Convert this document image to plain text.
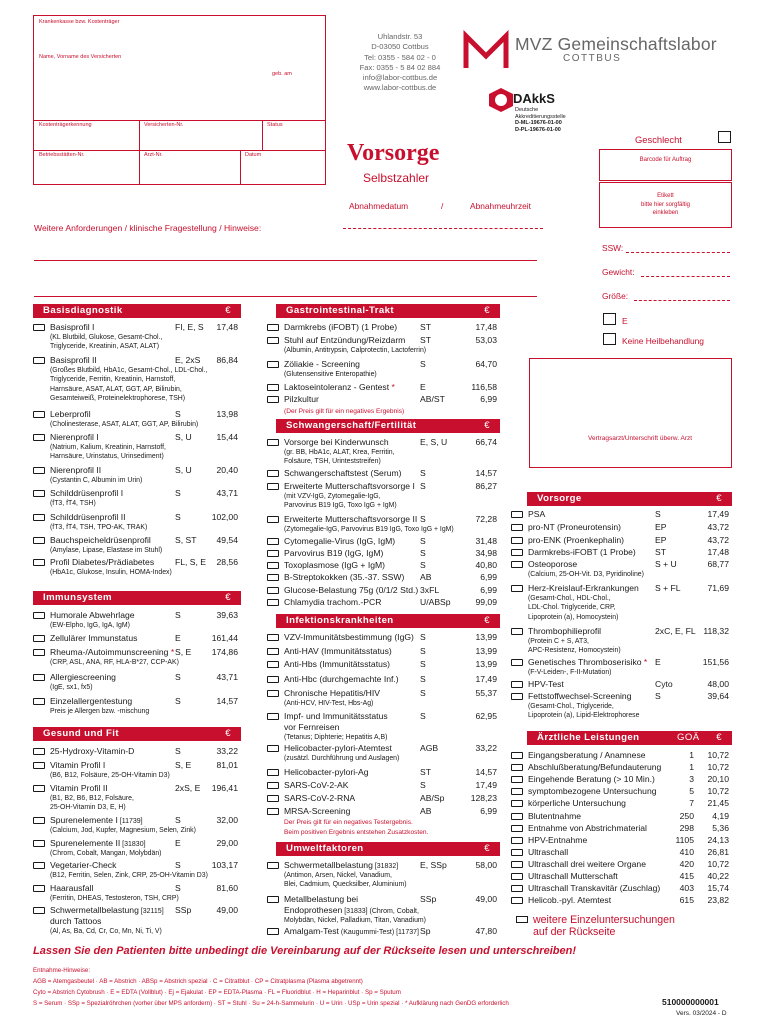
Krankenkasse bzw. Kostenträger
Name, Vorname des Versicherten
geb. am
Kostenträgerkennung	Versicherten-Nr.	Status
Betriebsstätten-Nr.	Arzt-Nr.	Datum
Uhlandstr. 53
D-03050 Cottbus
Tel: 0355 - 584 02 - 0
Fax: 0355 - 5 84 02 884
info@labor-cottbus.de
www.labor-cottbus.de
MVZ Gemeinschaftslabor
COTTBUS
DAkkS
Deutsche
Akkreditierungsstelle
D-ML-19676-01-00
D-PL-19676-01-00
Vorsorge
Selbstzahler
Abnahmedatum	/	Abnahmeuhrzeit
Weitere Anforderungen / klinische Fragestellung / Hinweise:
Geschlecht
Barcode für Auftrag
Etikett
bitte hier sorgfältig
einkleben
SSW:
Gewicht:
Größe:
E
Keine Heilbehandlung
Vertragsarzt/Unterschrift überw. Arzt
Basisdiagnostik	€
Immunsystem	€
Gesund und Fit	€
Gastrointestinal-Trakt	€
Schwangerschaft/Fertilität	€
Infektionskrankheiten	€
Umweltfaktoren	€
Vorsorge	€
Ärztliche Leistungen	GOÄ €
Basisprofil I	FI, E, S 17,48
(KL Blutbild, Glukose, Gesamt-Chol.,
Triglyceride, Kreatinin, ASAT, ALAT)
Basisprofil II	E, 2xS 86,84
(Großes Blutbild, HbA1c, Gesamt-Chol., LDL-Chol.,
Triglyceride, Ferritin, Kreatinin, Harnstoff,
Harnsäure, ASAT, ALAT, GGT, AP, Bilirubin,
Gesamteiweiß, Proteinelektrophorese, TSH)
Leberprofil	S	13,98
(Cholinesterase, ASAT, ALAT, GGT, AP, Bilirubin)
Nierenprofil I	S, U	15,44
(Natrium, Kalium, Kreatinin, Harnstoff,
Harnsäure, Urinstatus, Urinsediment)
Nierenprofil II	S, U	20,40
(Cystantin C, Albumin im Urin)
Schilddrüsenprofil I	S	43,71
(fT3, fT4, TSH)
Schilddrüsenprofil II	S	102,00
(fT3, fT4, TSH, TPO-AK, TRAK)
Bauchspeicheldrüsenprofil	S, ST 49,54
(Amylase, Lipase, Elastase im Stuhl)
Profil Diabetes/Prädiabetes FL, S, E 28,56
(HbA1c, Glukose, Insulin, HOMA-Index)
Humorale Abwehrlage	S	39,63
(EW-Elpho, IgG, IgA, IgM)
Zellulärer Immunstatus	E	161,44
Rheuma-/Autoimmunscreening * S, E 174,86
(CRP, ASL, ANA, RF, HLA-B*27, CCP-AK)
Allergiescreening	S	43,71
(IgE, sx1, fx5)
Einzelallergentestung	S	14,57
Preis je Allergen bzw. -mischung
25-Hydroxy-Vitamin-D	S	33,22
Vitamin Profil I	S, E	81,01
(B6, B12, Folsäure, 25-OH-Vitamin D3)
Vitamin Profil II	2xS, E 196,41
(B1, B2, B6, B12, Folsäure,
25-OH-Vitamin D3, E, H)
Spurenelemente I [11739]	S	32,00
(Calcium, Jod, Kupfer, Magnesium, Selen, Zink)
Spurenelemente II [31830]	E	29,00
(Chrom, Cobalt, Mangan, Molybdän)
Vegetarier-Check	S	103,17
(B12, Ferritin, Selen, Zink, CRP, 25-OH-Vitamin D3)
Haarausfall	S	81,60
(Ferritin, DHEAS, Testosteron, TSH, CRP)
Schwermetallbelastung [32115] SSp	49,00
durch Tattoos
(Al, As, Ba, Cd, Cr, Co, Mn, Ni, Ti, V)
Darmkrebs (iFOBT) (1 Probe)	ST	17,48
Stuhl auf Entzündung/Reizdarm ST	53,03
(Albumin, Antitrypsin, Calprotectin, Lactoferrin)
Zöliakie - Screening	S	64,70
(Glutensensitive Enteropathie)
Laktoseintoleranz - Gentest *	E	116,58
Pilzkultur	AB/ST	6,99
(Der Preis gilt für ein negatives Ergebnis)
Vorsorge bei Kinderwunsch	E, S, U	66,74
(gr. BB, HbA1c, ALAT, Krea, Ferritin,
Folsäure, TSH, Urinteststreifen)
Schwangerschaftstest (Serum) S	14,57
Erweiterte Mutterschaftsvorsorge I S	86,27
(mit VZV-IgG, Zytomegalie-IgG,
Parvovirus B19 IgG, Toxo IgG + IgM)
Erweiterte Mutterschaftsvorsorge II S	72,28
(Zytomegalie-IgG, Parvovirus B19 IgG, Toxo IgG + IgM)
Cytomegalie-Virus (IgG, IgM)	S	31,48
Parvovirus B19 (IgG, IgM)	S	34,98
Toxoplasmose (IgG + IgM)	S	40,80
B-Streptokokken (35.-37. SSW) AB	6,99
Glucose-Belastung 75g (0/1/2 Std.) 3xFL	6,99
Chlamydia trachom.-PCR	U/ABSp	99,09
VZV-Immunitätsbestimmung (IgG) S	13,99
Anti-HAV (Immunitätsstatus)	S	13,99
Anti-Hbs (Immunitätsstatus)	S	13,99
Anti-Hbc (durchgemachte Inf.) S	17,49
Chronische Hepatitis/HIV	S	55,37
(Anti-HCV, HIV-Test, Hbs-Ag)
Impf- und Immunitätsstatus	S	62,95
vor Fernreisen
(Tetanus; Diphterie; Hepatitis A,B)
Helicobacter-pylori-Atemtest	AGB	33,22
(zusätzl. Durchführung und Auslagen)
Helicobacter-pylori-Ag	ST	14,57
SARS-CoV-2-AK	S	17,49
SARS-CoV-2-RNA	AB/Sp	128,23
MRSA-Screening	AB	6,99
Der Preis gilt für ein negatives Testergebnis.
Beim positiven Ergebnis entstehen Zusatzkosten.
Schwermetallbelastung [31832]	E, SSp	58,00
(Antimon, Arsen, Nickel, Vanadium,
Blei, Cadmium, Quecksilber, Aluminium)
Metallbelastung bei	SSp	49,00
Endoprothesen [31833] (Chrom, Cobalt,
Molybdän, Nickel, Palladium, Titan, Vanadium)
Amalgam-Test (Kaugummi-Test) [11737] Sp	47,80
PSA	S	17,49
pro-NT (Proneurotensin)	EP	43,72
pro-ENK (Proenkephalin)	EP	43,72
Darmkrebs-iFOBT (1 Probe) ST	17,48
Osteoporose	S + U	68,77
(Calcium, 25-OH-Vit. D3, Pyridinoline)
Herz-Kreislauf-Erkrankungen S + FL	71,69
(Gesamt-Chol., HDL-Chol.,
LDL-Chol. Triglyceride, CRP,
Lipoprotein (a), Homocystein)
Thrombophilieprofil	2xC, E, FL 118,32
(Protein C + S, AT3,
APC-Resistenz, Homocystein)
Genetisches Thromboserisiko * E	151,56
(F-V-Leiden-, F-II-Mutation)
HPV-Test	Cyto	48,00
Fettstoffwechsel-Screening	S	39,64
(Gesamt-Chol., Triglyceride,
Lipoprotein (a), Lipid-Elektrophorese
Eingangsberatung / Anamnese	1 10,72
Abschlußberatung/Befundauterung	1 10,72
Eingehende Beratung (> 10 Min.)	3 20,10
symptombezogene Untersuchung	5 10,72
körperliche Untersuchung	7 21,45
Blutentnahme	250 4,19
Entnahme von Abstrichmaterial	298 5,36
HPV-Entnahme	1105 24,13
Ultraschall	410 26,81
Ultraschall drei weitere Organe	420 10,72
Ultraschall Mutterschaft	415 40,22
Ultraschall Transkavitär (Zuschlag) 403 15,74
Helicob.-pyl. Atemtest	615 23,82
weitere Einzeluntersuchungen
auf der Rückseite
Lassen Sie den Patienten bitte unbedingt die Vereinbarung auf der Rückseite lesen und unterschreiben!
Entnahme-Hinweise:
AGB = Atemgasbeutel · AB = Abstrich · ABSp = Abstrich spezial · C = Citratblut · CP = Citratplasma (Plasma abgetrennt)
Cyto = Abstrich Cytobrush · E = EDTA (Vollblut) · Ej = Ejakulat · EP = EDTA-Plasma · FL = Fluoridblut · H = Heparinblut · Sp = Sputum
S = Serum · SSp = Spezialröhrchen (vorher über MPS anfordern) · ST = Stuhl · Su = 24-h-Sammelurin · U = Urin · USp = Urin spezial · * Aufklärung nach GenDG erforderlich	510000000001
Vers. 03/2024 - D
